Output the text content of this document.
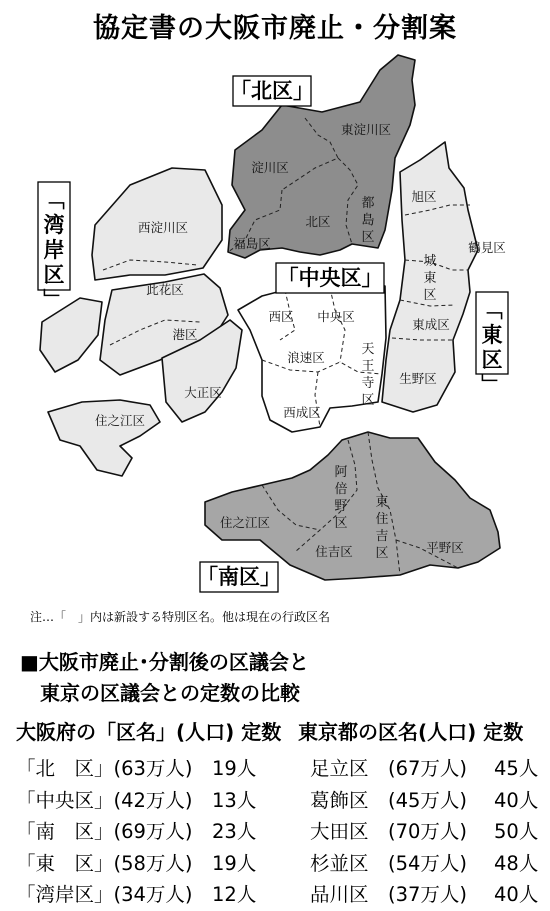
協定書の大阪市廃止・分割案
「北区」
「中央区」
「南区」
﹁湾岸区﹂	﹁東区﹂
東淀川区
淀川区
北区
福島区
西淀川区
此花区
港区
大正区
住之江区
西区 中央区
浪速区
西成区
旭区
鶴見区
東成区
生野区
住之江区
住吉区	平野区
都島区
天王寺区
城東区
阿倍野区
東住吉区
注…「　」内は新設する特別区名。他は現在の行政区名
■大阪市廃止･分割後の区議会と
　東京の区議会との定数の比較
大阪府の「区名」(人口) 定数 東京都の区名(人口) 定数
「北　区」(63万人) 19人	足立区　(67万人) 45人
「中央区」(42万人) 13人	葛飾区　(45万人) 40人
「南　区」(69万人) 23人	大田区　(70万人) 50人
「東　区」(58万人) 19人	杉並区　(54万人) 48人
「湾岸区」(34万人) 12人	品川区　(37万人) 40人
